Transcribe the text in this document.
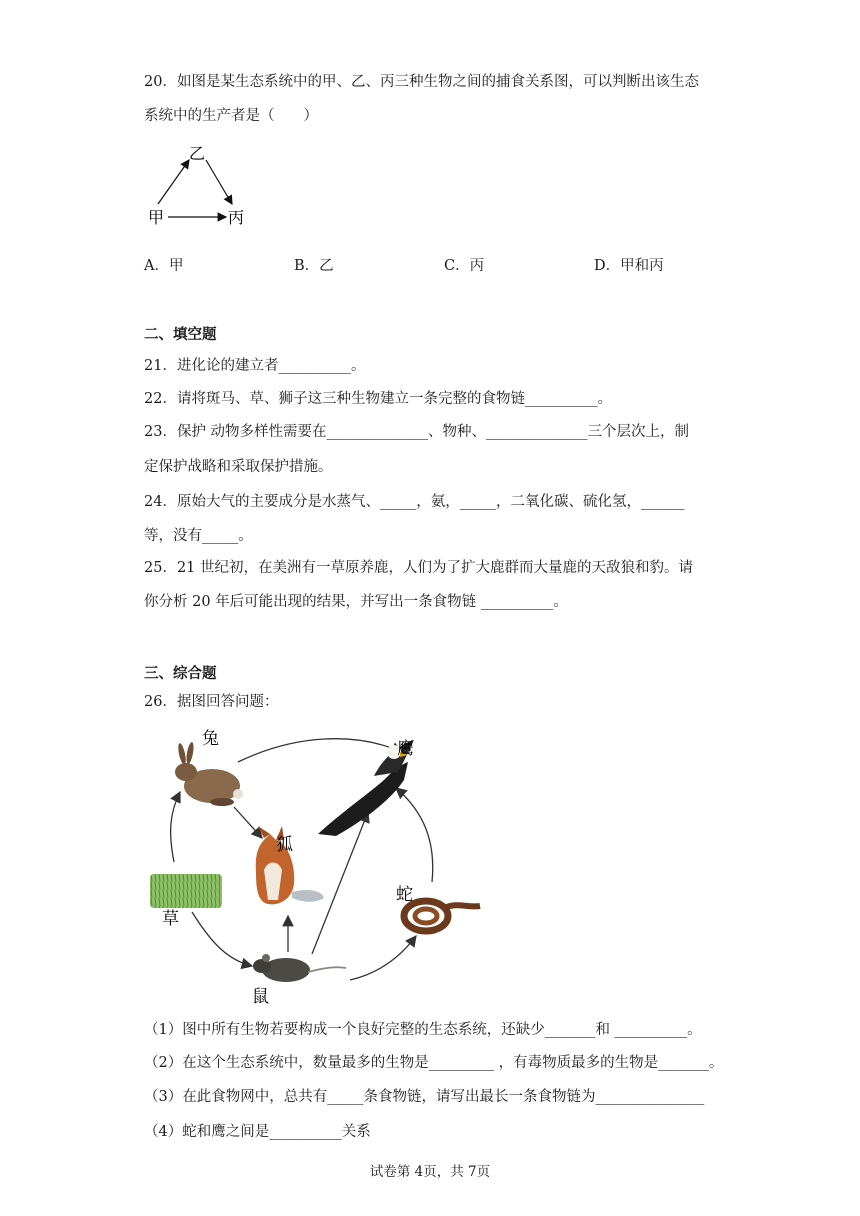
20．如图是某生态系统中的甲、乙、丙三种生物之间的捕食关系图，可以判断出该生态
系统中的生产者是（　　）
乙
甲	丙
A．甲	B．乙	C．丙	D．甲和丙
二、填空题
21．进化论的建立者__________。
22．请将斑马、草、狮子这三种生物建立一条完整的食物链__________。
23．保护 动物多样性需要在______________、物种、______________三个层次上，制
定保护战略和采取保护措施。
24．原始大气的主要成分是水蒸气、_____，氨，_____，二氧化碳、硫化氢，______
等，没有_____。
25．21 世纪初，在美洲有一草原养鹿，人们为了扩大鹿群而大量鹿的天敌狼和豹。请
你分析 20 年后可能出现的结果，并写出一条食物链 __________。
三、综合题
26．据图回答问题：
兔	鹰
狐
蛇
草
鼠
（1）图中所有生物若要构成一个良好完整的生态系统，还缺少_______和 __________。
（2）在这个生态系统中，数量最多的生物是_________ ，有毒物质最多的生物是_______。
（3）在此食物网中，总共有_____条食物链，请写出最长一条食物链为_______________
（4）蛇和鹰之间是__________关系
试卷第 4页，共 7页
